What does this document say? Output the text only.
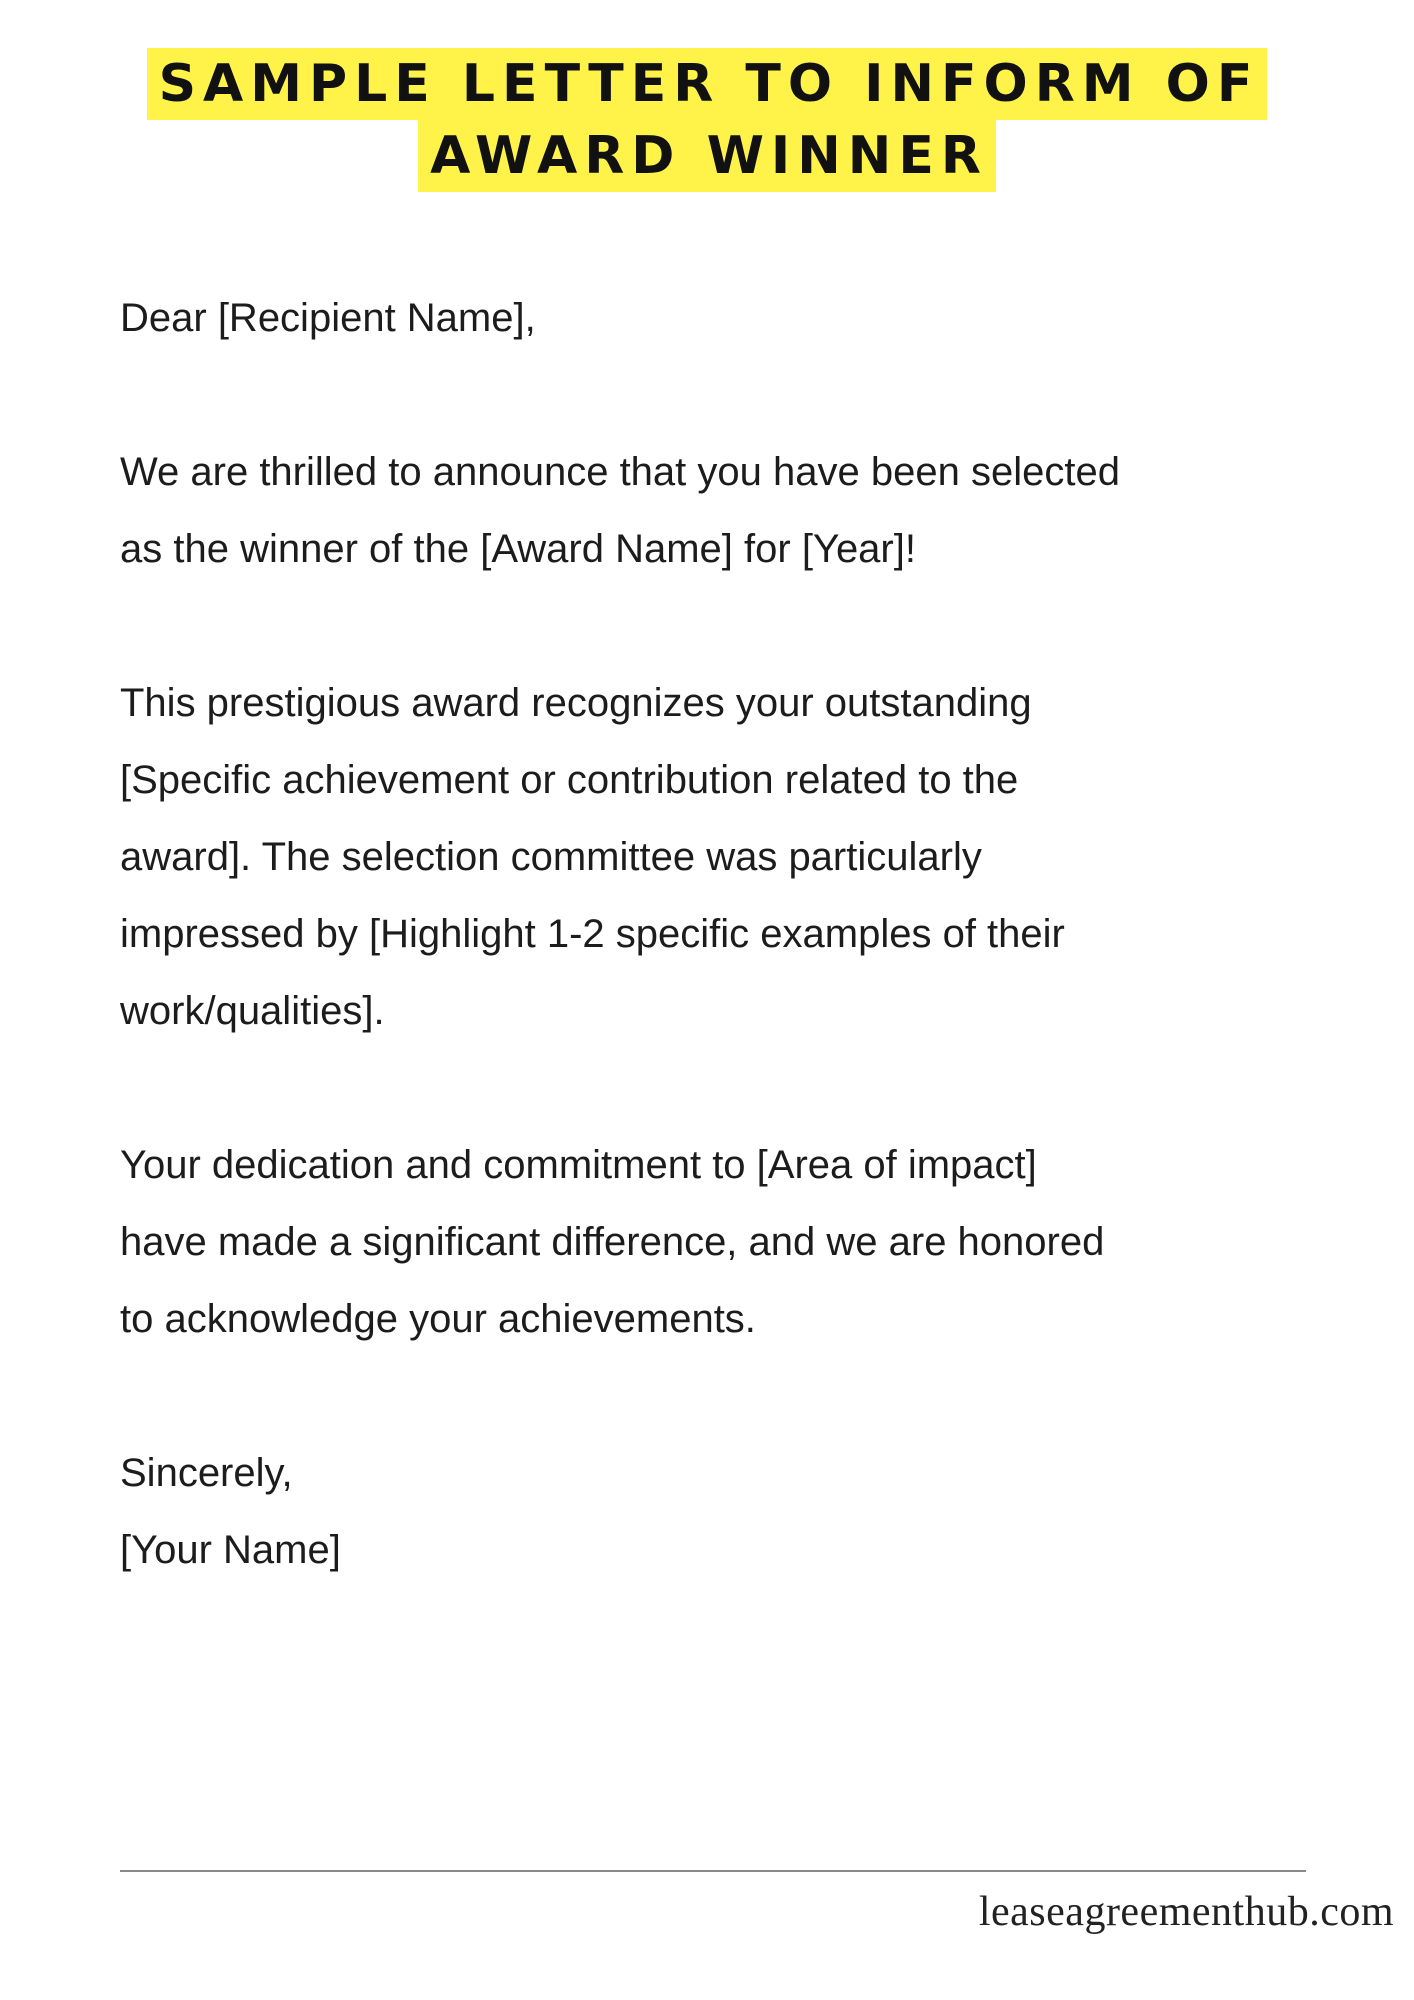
SAMPLE LETTER TO INFORM OF
AWARD WINNER

Dear [Recipient Name],

We are thrilled to announce that you have been selected
as the winner of the [Award Name] for [Year]!

This prestigious award recognizes your outstanding
[Specific achievement or contribution related to the
award]. The selection committee was particularly
impressed by [Highlight 1-2 specific examples of their
work/qualities].

Your dedication and commitment to [Area of impact]
have made a significant difference, and we are honored
to acknowledge your achievements.

Sincerely,

[Your Name]

leaseagreementhub.com
